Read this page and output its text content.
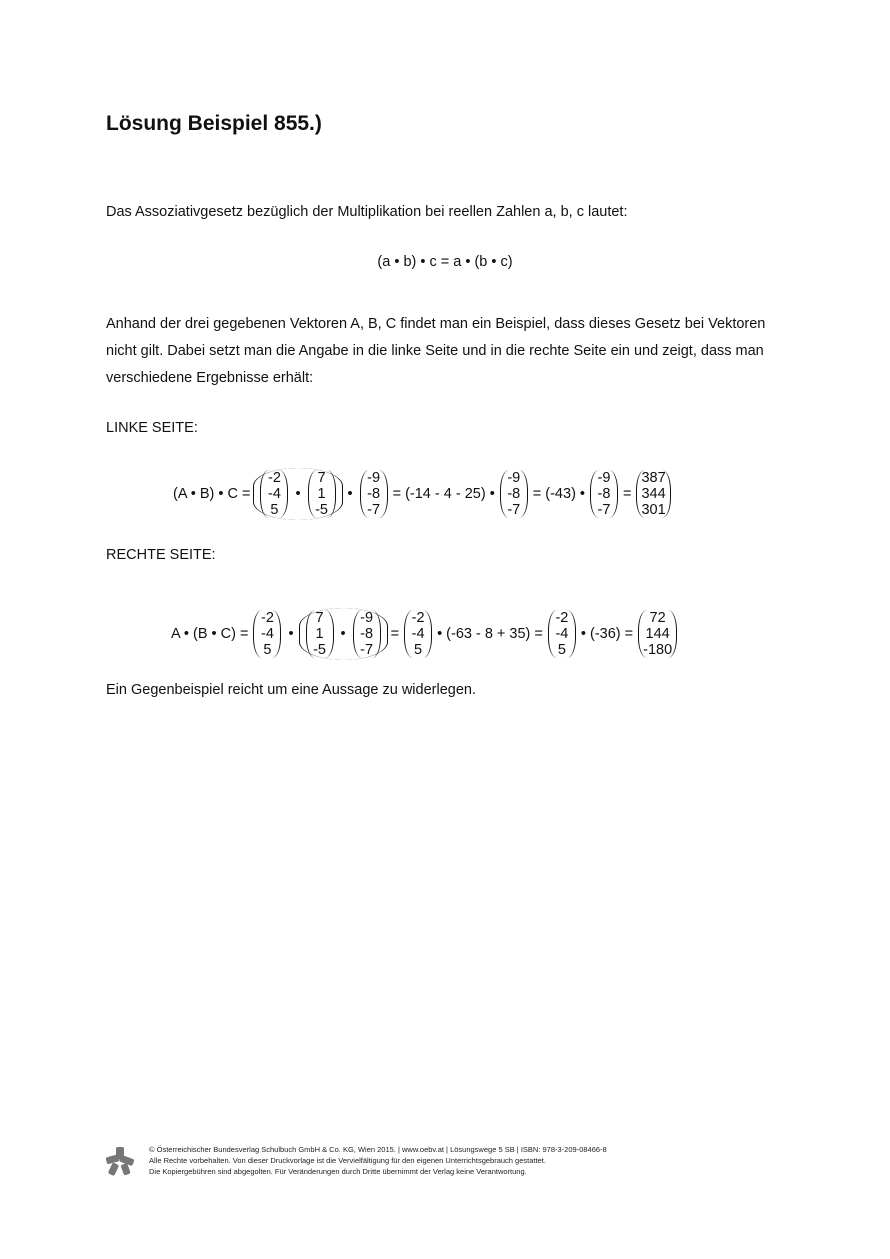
Lösung Beispiel 855.)

Das Assoziativgesetz bezüglich der Multiplikation bei reellen Zahlen a, b, c lautet:

(a • b) • c = a • (b • c)

Anhand der drei gegebenen Vektoren A, B, C findet man ein Beispiel, dass dieses Gesetz bei Vektoren nicht gilt. Dabei setzt man die Angabe in die linke Seite und in die rechte Seite ein und zeigt, dass man verschiedene Ergebnisse erhält:

LINKE SEITE:

(A • B) • C =
-2
-4
5
•
7
1
-5
•
-9
-8
-7
= (-14 - 4 - 25) •
-9
-8
-7
= (-43) •
-9
-8
-7
=
387
344
301

RECHTE SEITE:

A • (B • C) =
-2
-4
5
•
7
1
-5
•
-9
-8
-7
=
-2
-4
5
• (-63 - 8 + 35) =
-2
-4
5
• (-36) =
72
144
-180

Ein Gegenbeispiel reicht um eine Aussage zu widerlegen.

© Österreichischer Bundesverlag Schulbuch GmbH & Co. KG, Wien 2015. | www.oebv.at | Lösungswege 5 SB | ISBN: 978-3-209-08466-8
Alle Rechte vorbehalten. Von dieser Druckvorlage ist die Vervielfältigung für den eigenen Unterrichtsgebrauch gestattet.
Die Kopiergebühren sind abgegolten. Für Veränderungen durch Dritte übernimmt der Verlag keine Verantwortung.
